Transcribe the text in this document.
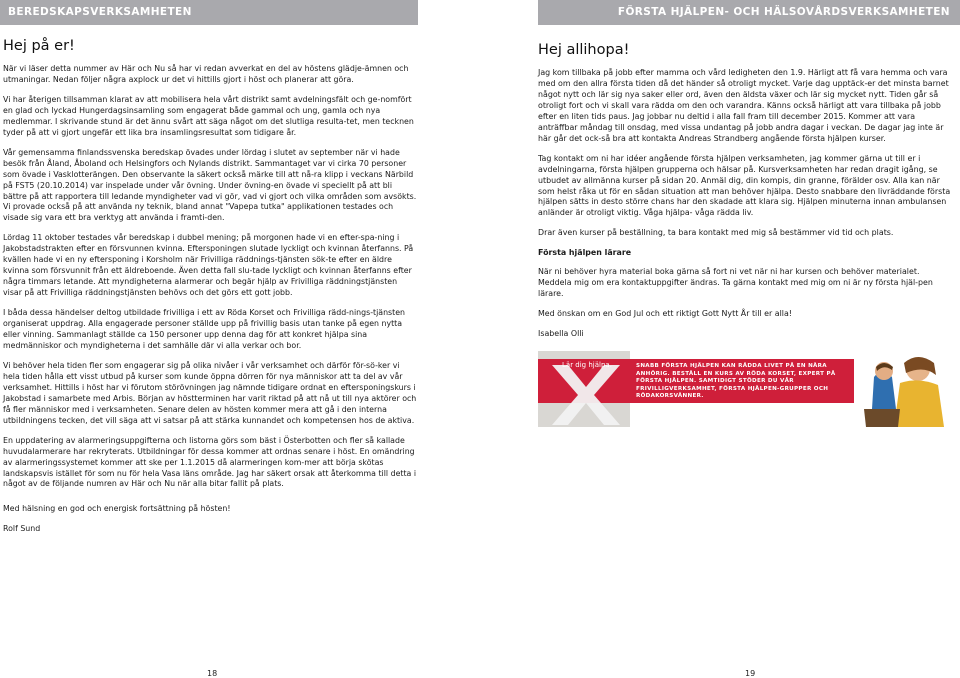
BEREDSKAPSVERKSAMHETEN
Hej på er!

När vi läser detta nummer av Här och Nu så har vi redan avverkat en del av höstens glädje-ämnen och utmaningar. Nedan följer några axplock ur det vi hittills gjort i höst och planerar att göra.

Vi har återigen tillsamman klarat av att mobilisera hela vårt distrikt samt avdelningsfält och ge-nomfört en glad och lyckad Hungerdagsinsamling som engagerat både gammal och ung, gamla och nya medlemmar. I skrivande stund är det ännu svårt att säga något om det slutliga resulta-tet, men tecknen tyder på att vi gjort ungefär ett lika bra insamlingsresultat som tidigare år.

Vår gemensamma finlandssvenska beredskap övades under lördag i slutet av september när vi hade besök från Åland, Åboland och Helsingfors och Nylands distrikt. Sammantaget var vi cirka 70 personer som övade i Vasklotterängen. Den observante la säkert också märke till att nå-ra klipp i veckans Närbild på FST5 (20.10.2014) var inspelade under vår övning. Under övning-en övade vi speciellt på att bli bättre på att rapportera till ledande myndigheter vad vi gör, vad vi gjort och vilka områden som avsökts. Vi provade också på att använda ny teknik, bland annat "Vapepa tutka" applikationen testades och visade sig vara ett bra verktyg att använda i framti-den.

Lördag 11 oktober testades vår beredskap i dubbel mening; på morgonen hade vi en efter-spa-ning i Jakobstadstrakten efter en försvunnen kvinna. Eftersponingen slutade lyckligt och kvinnan återfanns. På kvällen hade vi en ny eftersponing i Korsholm när Frivilliga räddnings-tjänsten sök-te efter en äldre kvinna som försvunnit från ett äldreboende. Även detta fall slu-tade lyckligt och kvinnan återfanns efter några timmars letande. Att myndigheterna alarmerar och begär hjälp av Frivilliga räddningstjänsten visar på att Frivilliga räddningstjänsten behövs och det görs ett gott jobb.

I båda dessa händelser deltog utbildade frivilliga i ett av Röda Korset och Frivilliga rädd-nings-tjänsten organiserat uppdrag. Alla engagerade personer ställde upp på frivillig basis utan tanke på egen nytta eller vinning. Sammanlagt ställde ca 150 personer upp denna dag för att konkret hjälpa sina medmänniskor och myndigheterna i det samhälle där vi alla verkar och bor.

Vi behöver hela tiden fler som engagerar sig på olika nivåer i vår verksamhet och därför för-sö-ker vi hela tiden hålla ett visst utbud på kurser som kunde öppna dörren för nya människor att ta del av vår verksamhet. Hittills i höst har vi förutom störövningen jag nämnde tidigare ordnat en eftersponingskurs i Jakobstad i samarbete med Arbis. Början av höstterminen har varit riktad på att nå ut till nya aktörer och få fler människor med i verksamheten. Senare delen av hösten kommer mera att gå i den interna utbildningens tecken, det vill säga att vi satsar på att stärka kunnandet och kompetensen hos de aktiva.

En uppdatering av alarmeringsuppgifterna och listorna görs som bäst i Österbotten och fler så kallade huvudalarmerare har rekryterats. Utbildningar för dessa kommer att ordnas senare i höst. En omändring av alarmeringssystemet kommer att ske per 1.1.2015 då alarmeringen kom-mer att börja skötas landskapsvis istället för som nu för hela Vasa läns område. Jag har säkert orsak att återkomma till detta i något av de följande numren av Här och Nu när alla bitar fallit på plats.

Med hälsning en god och energisk fortsättning på hösten!

Rolf Sund

18
FÖRSTA HJÄLPEN- OCH HÄLSOVÅRDSVERKSAMHETEN
Hej allihopa!

Jag kom tillbaka på jobb efter mamma och vård ledigheten den 1.9. Härligt att få vara hemma och vara med om den allra första tiden då det händer så otroligt mycket. Varje dag upptäck-er det minsta barnet något nytt och lär sig nya saker eller ord, även den äldsta växer och lär sig mycket nytt. Tiden går så otroligt fort och vi skall vara rädda om den och varandra. Känns också härligt att vara tillbaka på jobb efter en liten tids paus. Jag jobbar nu deltid i alla fall fram till december 2015. Kommer att vara anträffbar måndag till onsdag, med vissa undantag på jobb andra dagar i veckan. De dagar jag inte är här går det ock-så bra att kontakta Andreas Strandberg angående första hjälpen kurser.

Tag kontakt om ni har idéer angående första hjälpen verksamheten, jag kommer gärna ut till er i avdelningarna, första hjälpen grupperna och hälsar på. Kursverksamheten har redan dragit igång, se utbudet av allmänna kurser på sidan 20. Anmäl dig, din kompis, din granne, förälder osv. Alla kan när som helst råka ut för en sådan situation att man behöver hjälpa. Desto snabbare den livräddande första hjälpen sätts in desto större chans har den skadade att klara sig. Hjälpen minuterna innan ambulansen anländer är otroligt viktig. Våga hjälpa- våga rädda liv.

Drar även kurser på beställning, ta bara kontakt med mig så bestämmer vid tid och plats.

Första hjälpen lärare

När ni behöver hyra material boka gärna så fort ni vet när ni har kursen och behöver materialet. Meddela mig om era kontaktuppgifter ändras. Ta gärna kontakt med mig om ni är ny första hjäl-pen lärare.

Med önskan om en God Jul och ett riktigt Gott Nytt År till er alla!

Isabella Olli

Lär dig hjälpa.	SNABB FÖRSTA HJÄLPEN KAN RÄDDA LIVET PÅ EN NÄRA ANHÖRIG. BESTÄLL EN KURS AV RÖDA KORSET, EXPERT PÅ FÖRSTA HJÄLPEN. SAMTIDIGT STÖDER DU VÅR FRIVILLIGVERKSAMHET, FÖRSTA HJÄLPEN-GRUPPER OCH RÖDAKORSVÄNNER.
19
